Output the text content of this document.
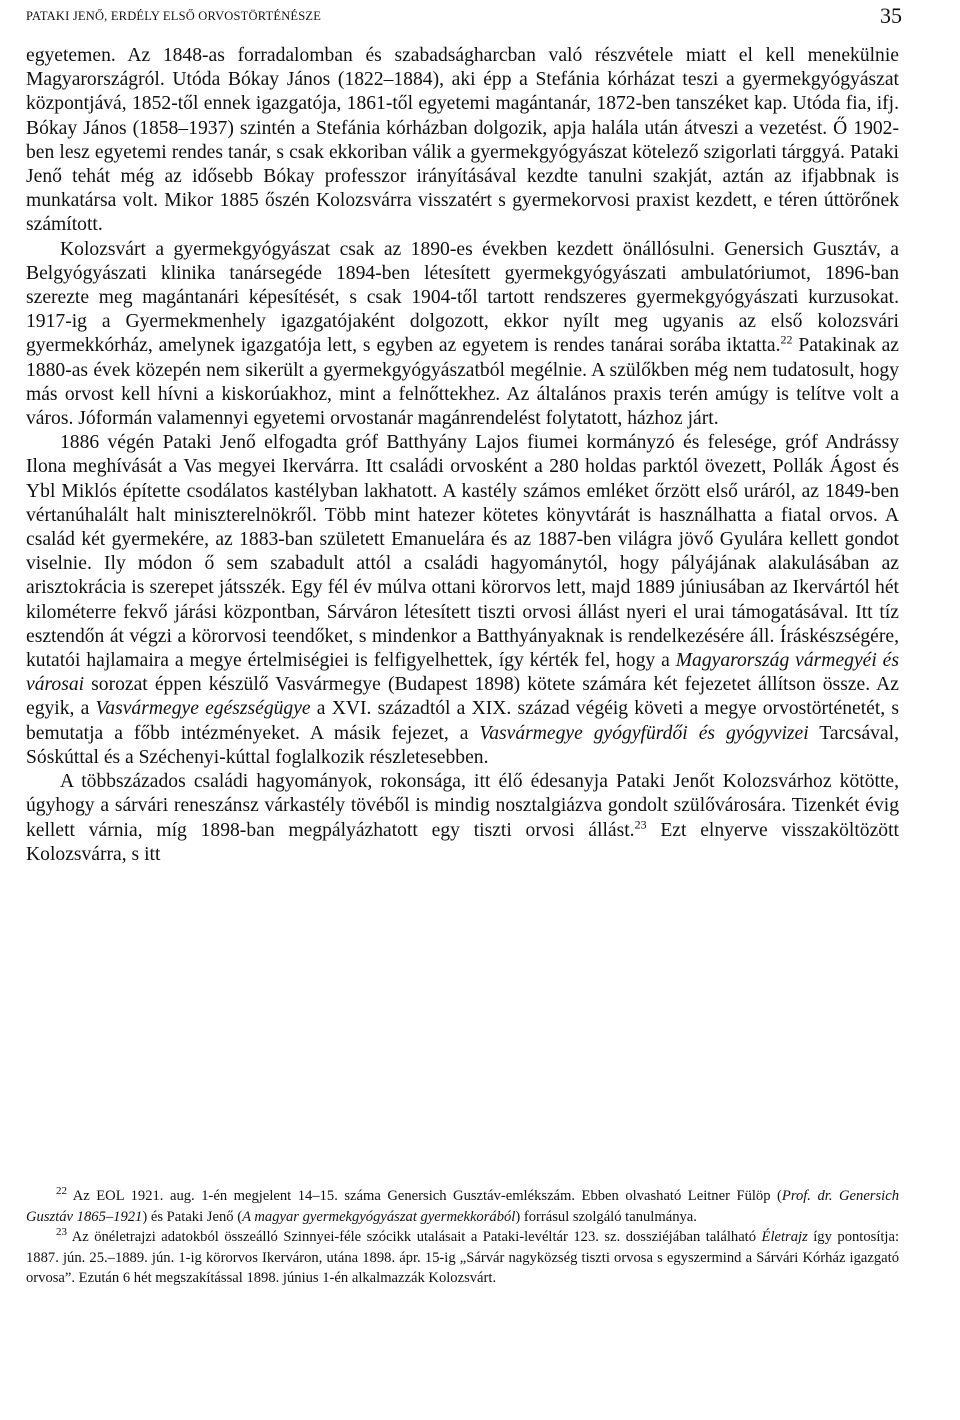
PATAKI JENŐ, ERDÉLY ELSŐ ORVOSTÖRTÉNÉSZE	35

egyetemen. Az 1848-as forradalomban és szabadságharcban való részvétele miatt el kell menekülnie Magyarországról. Utóda Bókay János (1822–1884), aki épp a Stefánia kórházat teszi a gyermekgyógyászat központjává, 1852-től ennek igazgatója, 1861-től egyetemi magántanár, 1872-ben tanszéket kap. Utóda fia, ifj. Bókay János (1858–1937) szintén a Stefánia kórházban dolgozik, apja halála után átveszi a vezetést. Ő 1902-ben lesz egyetemi rendes tanár, s csak ekkoriban válik a gyermekgyógyászat kötelező szigorlati tárggyá. Pataki Jenő tehát még az idősebb Bókay professzor irányításával kezdte tanulni szakját, aztán az ifjabbnak is munkatársa volt. Mikor 1885 őszén Kolozsvárra visszatért s gyermekorvosi praxist kezdett, e téren úttörőnek számított.

Kolozsvárt a gyermekgyógyászat csak az 1890-es években kezdett önállósulni. Genersich Gusztáv, a Belgyógyászati klinika tanársegéde 1894-ben létesített gyermekgyógyászati ambulatóriumot, 1896-ban szerezte meg magántanári képesítését, s csak 1904-től tartott rendszeres gyermekgyógyászati kurzusokat. 1917-ig a Gyermekmenhely igazgatójaként dolgozott, ekkor nyílt meg ugyanis az első kolozsvári gyermekkórház, amelynek igazgatója lett, s egyben az egyetem is rendes tanárai sorába iktatta.$^{22}$ Patakinak az 1880-as évek közepén nem sikerült a gyermekgyógyászatból megélnie. A szülőkben még nem tudatosult, hogy más orvost kell hívni a kiskorúakhoz, mint a felnőttekhez. Az általános praxis terén amúgy is telítve volt a város. Jóformán valamennyi egyetemi orvostanár magánrendelést folytatott, házhoz járt.

1886 végén Pataki Jenő elfogadta gróf Batthyány Lajos fiumei kormányzó és felesége, gróf Andrássy Ilona meghívását a Vas megyei Ikervárra. Itt családi orvosként a 280 holdas parktól övezett, Pollák Ágost és Ybl Miklós építette csodálatos kastélyban lakhatott. A kastély számos emléket őrzött első uráról, az 1849-ben vértanúhalált halt miniszterelnökről. Több mint hatezer kötetes könyvtárát is használhatta a fiatal orvos. A család két gyermekére, az 1883-ban született Emanuelára és az 1887-ben világra jövő Gyulára kellett gondot viselnie. Ily módon ő sem szabadult attól a családi hagyománytól, hogy pályájának alakulásában az arisztokrácia is szerepet játsszék. Egy fél év múlva ottani körorvos lett, majd 1889 júniusában az Ikervártól hét kilométerre fekvő járási központban, Sárváron létesített tiszti orvosi állást nyeri el urai támogatásával. Itt tíz esztendőn át végzi a körorvosi teendőket, s mindenkor a Batthyányaknak is rendelkezésére áll. Íráskészségére, kutatói hajlamaira a megye értelmiségiei is felfigyelhettek, így kérték fel, hogy a Magyarország vármegyéi és városai sorozat éppen készülő Vasvármegye (Budapest 1898) kötete számára két fejezetet állítson össze. Az egyik, a Vasvármegye egészségügye a XVI. századtól a XIX. század végéig követi a megye orvostörténetét, s bemutatja a főbb intézményeket. A másik fejezet, a Vasvármegye gyógyfürdői és gyógyvizei Tarcsával, Sóskúttal és a Széchenyi-kúttal foglalkozik részletesebben.

A többszázados családi hagyományok, rokonsága, itt élő édesanyja Pataki Jenőt Kolozsvárhoz kötötte, úgyhogy a sárvári reneszánsz várkastély tövéből is mindig nosztalgiázva gondolt szülővárosára. Tizenkét évig kellett várnia, míg 1898-ban megpályázhatott egy tiszti orvosi állást.$^{23}$ Ezt elnyerve visszaköltözött Kolozsvárra, s itt

$^{22}$ Az EOL 1921. aug. 1-én megjelent 14–15. száma Genersich Gusztáv-emlékszám. Ebben olvasható Leitner Fülöp (Prof. dr. Genersich Gusztáv 1865–1921) és Pataki Jenő (A magyar gyermekgyógyászat gyermekkorából) forrásul szolgáló tanulmánya.

$^{23}$ Az önéletrajzi adatokból összeálló Szinnyei-féle szócikk utalásait a Pataki-levéltár 123. sz. dossziéjában található Életrajz így pontosítja: 1887. jún. 25.–1889. jún. 1-ig körorvos Ikerváron, utána 1898. ápr. 15-ig „Sárvár nagyközség tiszti orvosa s egyszermind a Sárvári Kórház igazgató orvosa”. Ezután 6 hét megszakítással 1898. június 1-én alkalmazzák Kolozsvárt.
